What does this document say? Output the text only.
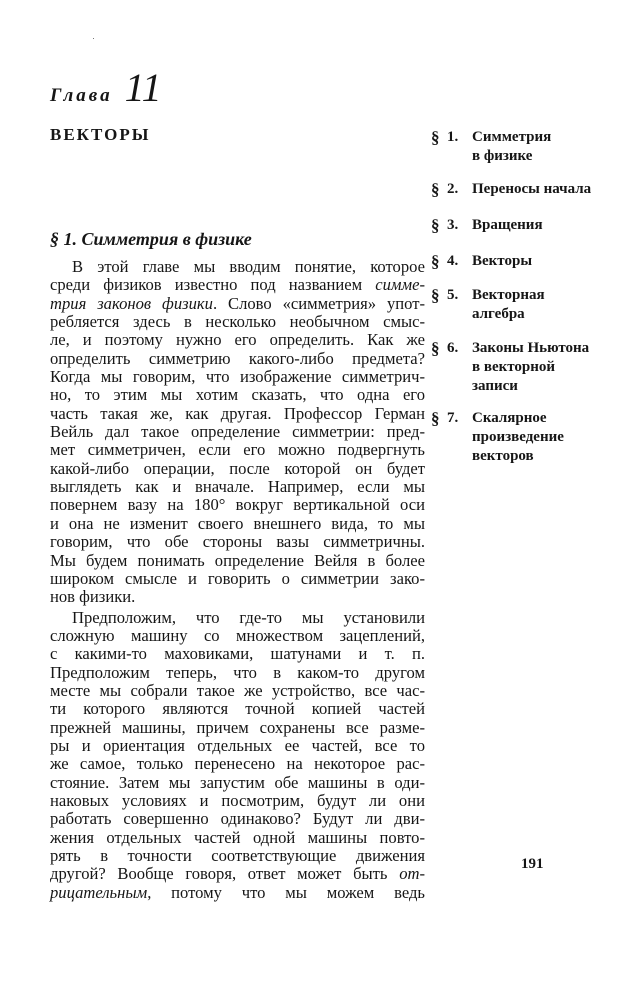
Глава 11
ВЕКТОРЫ	§ 1. Симметрия
в физике
§ 2. Переносы начала
§ 3. Вращения
§ 4. Векторы
§ 5. Векторная
алгебра
§ 6. Законы Ньютона
в векторной
записи
§ 7. Скалярное
произведение
векторов
§ 1. Симметрия в физике
В этой главе мы вводим понятие, которое
среди физиков известно под названием симме-
трия законов физики. Слово «симметрия» упот-
ребляется здесь в несколько необычном смыс-
ле, и поэтому нужно его определить. Как же
определить симметрию какого-либо предмета?
Когда мы говорим, что изображение симметрич-
но, то этим мы хотим сказать, что одна его
часть такая же, как другая. Профессор Герман
Вейль дал такое определение симметрии: пред-
мет симметричен, если его можно подвергнуть
какой-либо операции, после которой он будет
выглядеть как и вначале. Например, если мы
повернем вазу на 180° вокруг вертикальной оси
и она не изменит своего внешнего вида, то мы
говорим, что обе стороны вазы симметричны.
Мы будем понимать определение Вейля в более
широком смысле и говорить о симметрии зако-
нов физики.
Предположим, что где-то мы установили
сложную машину со множеством зацеплений,
с какими-то маховиками, шатунами и т. п.
Предположим теперь, что в каком-то другом
месте мы собрали такое же устройство, все час-
ти которого являются точной копией частей
прежней машины, причем сохранены все разме-
ры и ориентация отдельных ее частей, все то
же самое, только перенесено на некоторое рас-
стояние. Затем мы запустим обе машины в оди-
наковых условиях и посмотрим, будут ли они
работать совершенно одинаково? Будут ли дви-
жения отдельных частей одной машины повто-
рять в точности соответствующие движения
другой? Вообще говоря, ответ может быть от-
рицательным, потому что мы можем ведь
191
